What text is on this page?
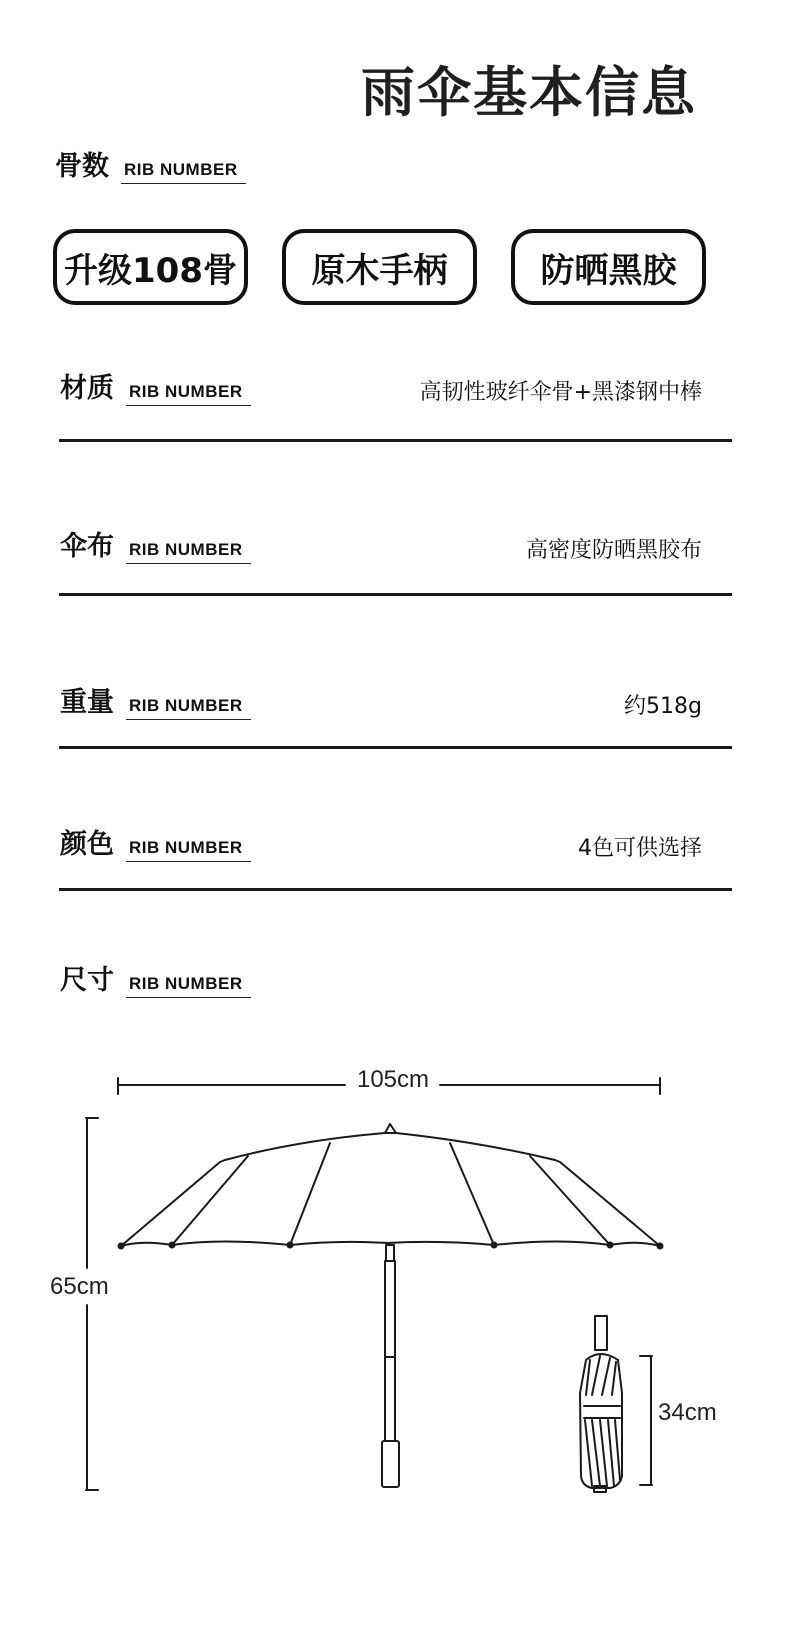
雨伞基本信息
骨数 RIB NUMBER
升级108骨	原木手柄	防晒黑胶
材质 RIB NUMBER	高韧性玻纤伞骨+黑漆钢中棒
伞布 RIB NUMBER	高密度防晒黑胶布
重量 RIB NUMBER	约518g
颜色 RIB NUMBER	4色可供选择
尺寸 RIB NUMBER
105cm
65cm
34cm
